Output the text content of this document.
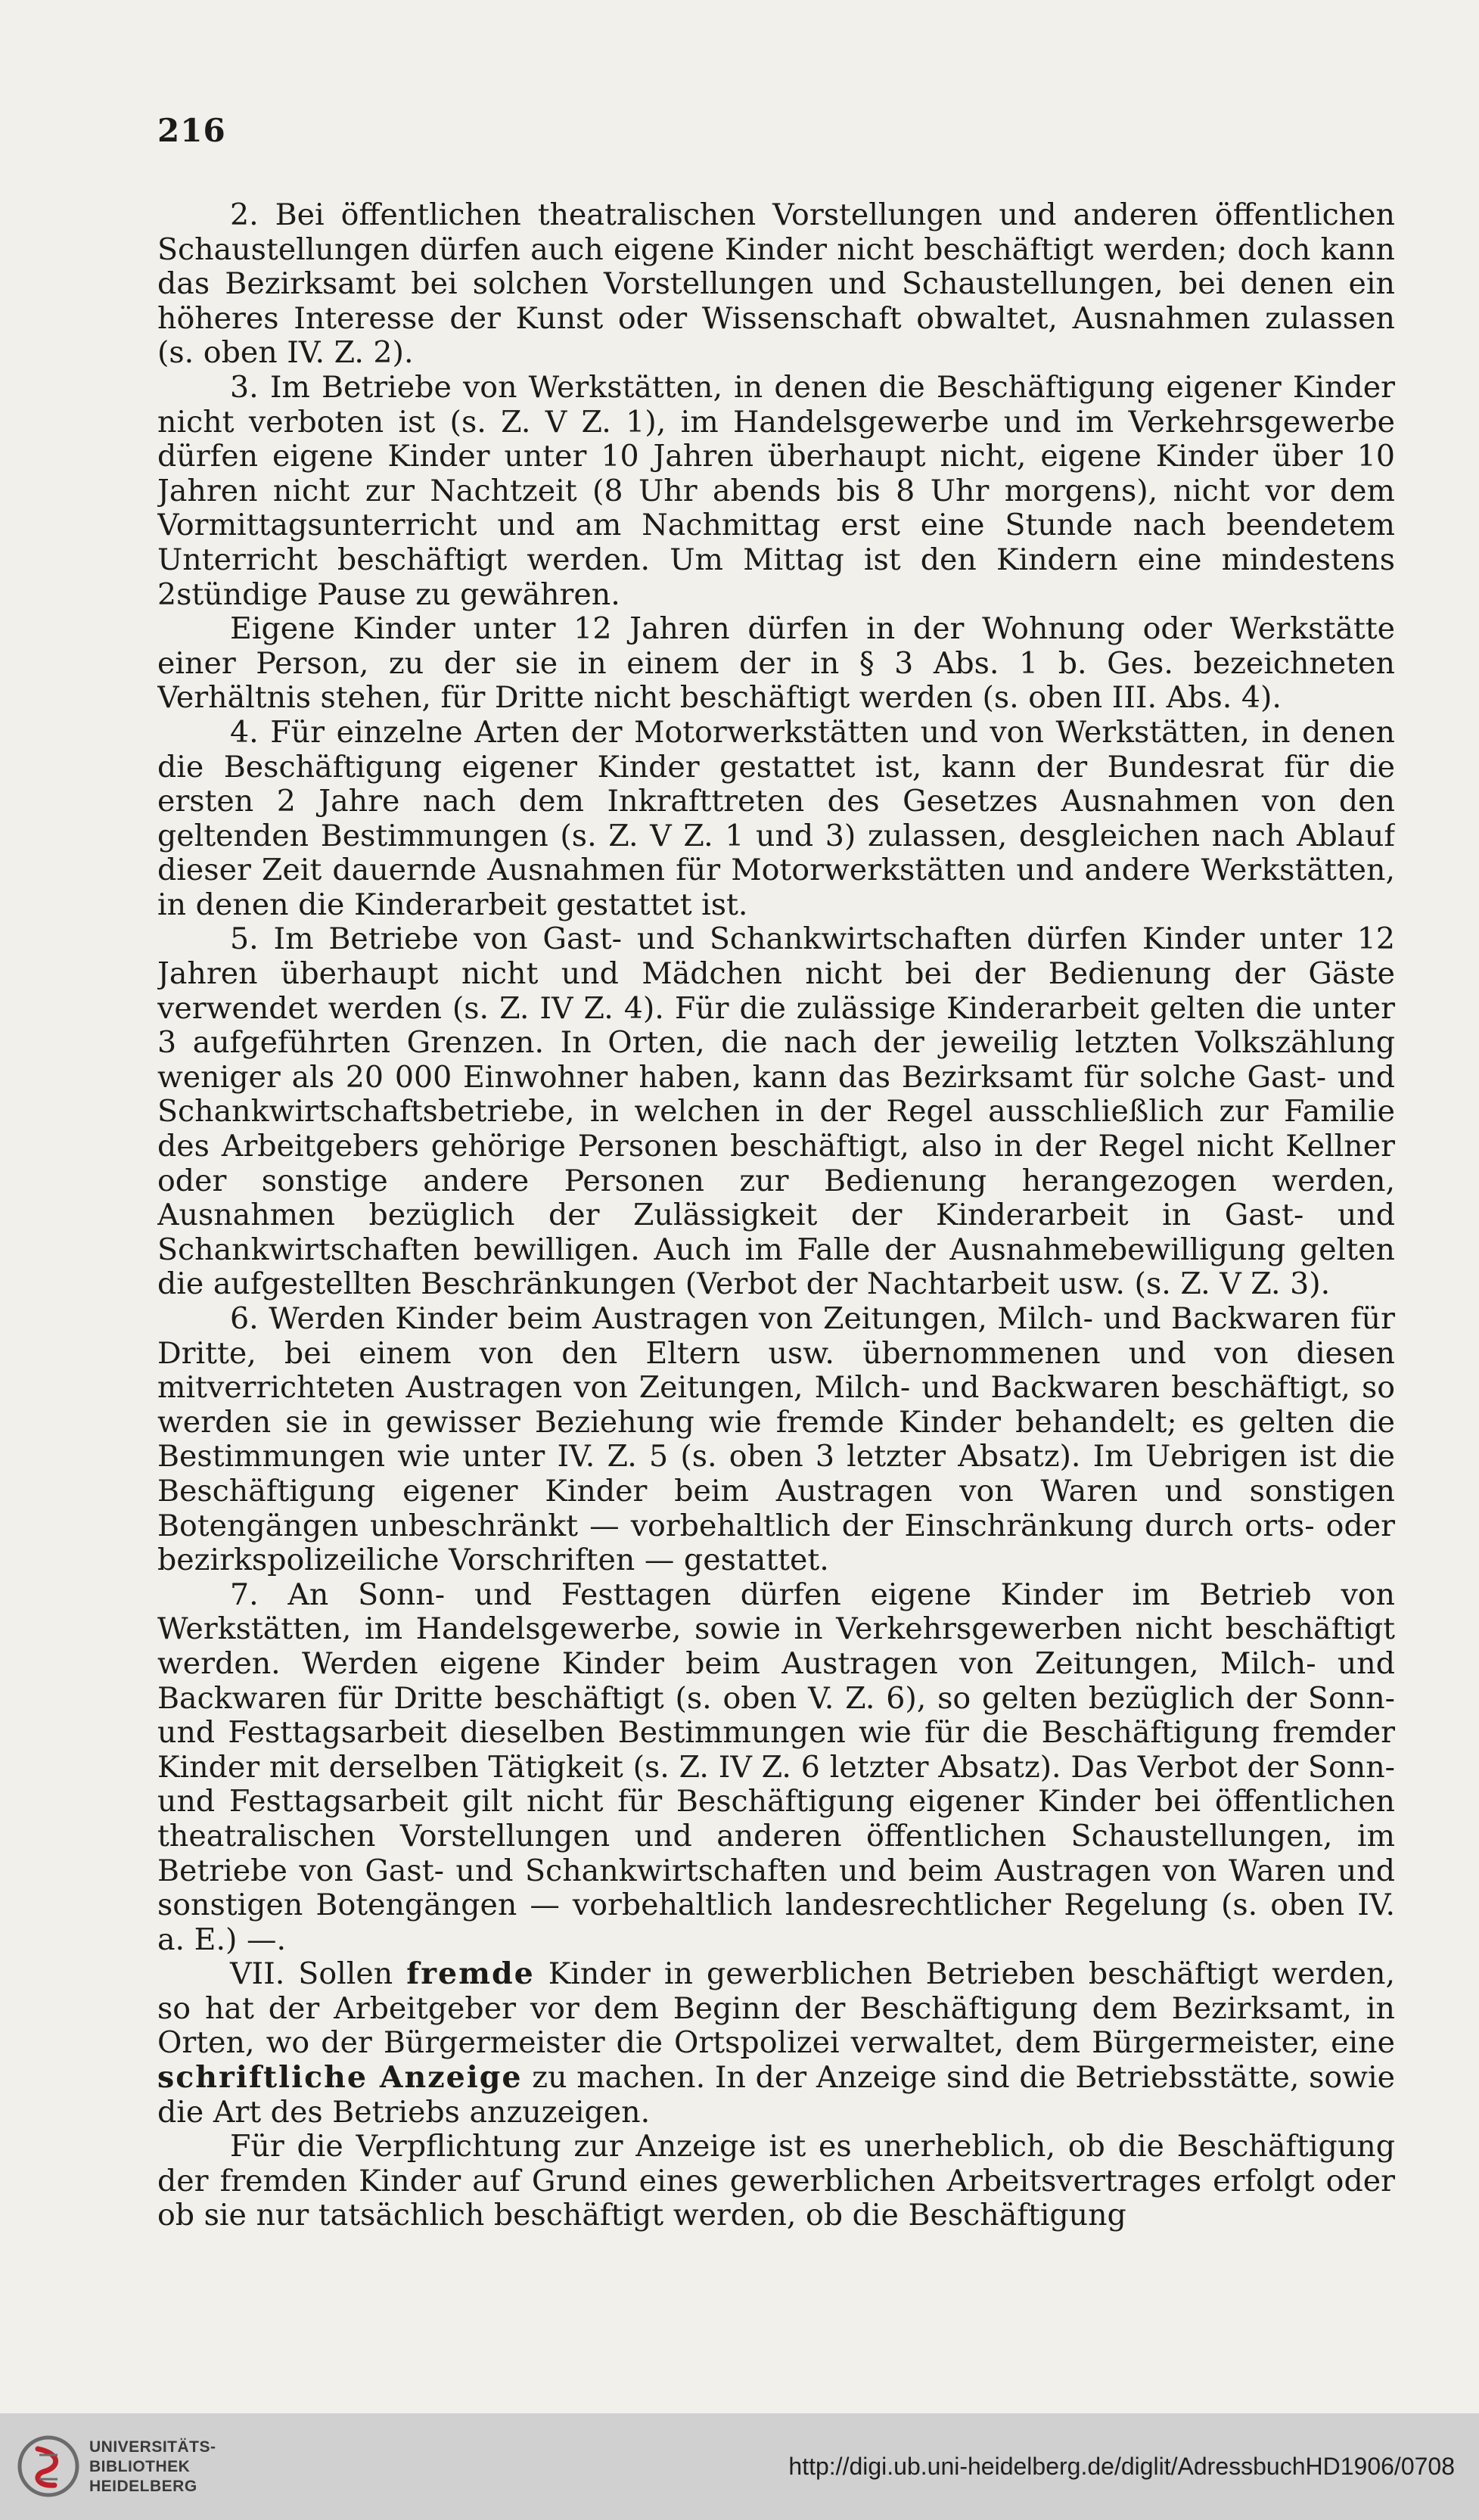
216

2. Bei öffentlichen theatralischen Vorstellungen und anderen öffentlichen Schaustellungen dürfen auch eigene Kinder nicht beschäftigt werden; doch kann das Bezirksamt bei solchen Vorstellungen und Schaustellungen, bei denen ein höheres Interesse der Kunst oder Wissenschaft obwaltet, Ausnahmen zulassen (s. oben IV. Z. 2).

3. Im Betriebe von Werkstätten, in denen die Beschäftigung eigener Kinder nicht verboten ist (s. Z. V Z. 1), im Handelsgewerbe und im Verkehrsgewerbe dürfen eigene Kinder unter 10 Jahren überhaupt nicht, eigene Kinder über 10 Jahren nicht zur Nachtzeit (8 Uhr abends bis 8 Uhr morgens), nicht vor dem Vormittagsunterricht und am Nachmittag erst eine Stunde nach beendetem Unterricht beschäftigt werden. Um Mittag ist den Kindern eine mindestens 2stündige Pause zu gewähren.

Eigene Kinder unter 12 Jahren dürfen in der Wohnung oder Werkstätte einer Person, zu der sie in einem der in § 3 Abs. 1 b. Ges. bezeichneten Verhältnis stehen, für Dritte nicht beschäftigt werden (s. oben III. Abs. 4).

4. Für einzelne Arten der Motorwerkstätten und von Werkstätten, in denen die Beschäftigung eigener Kinder gestattet ist, kann der Bundesrat für die ersten 2 Jahre nach dem Inkrafttreten des Gesetzes Ausnahmen von den geltenden Bestimmungen (s. Z. V Z. 1 und 3) zulassen, desgleichen nach Ablauf dieser Zeit dauernde Ausnahmen für Motorwerkstätten und andere Werkstätten, in denen die Kinderarbeit gestattet ist.

5. Im Betriebe von Gast- und Schankwirtschaften dürfen Kinder unter 12 Jahren überhaupt nicht und Mädchen nicht bei der Bedienung der Gäste verwendet werden (s. Z. IV Z. 4). Für die zulässige Kinderarbeit gelten die unter 3 aufgeführten Grenzen. In Orten, die nach der jeweilig letzten Volkszählung weniger als 20 000 Einwohner haben, kann das Bezirksamt für solche Gast- und Schankwirtschaftsbetriebe, in welchen in der Regel ausschließlich zur Familie des Arbeitgebers gehörige Personen beschäftigt, also in der Regel nicht Kellner oder sonstige andere Personen zur Bedienung herangezogen werden, Ausnahmen bezüglich der Zulässigkeit der Kinderarbeit in Gast- und Schankwirtschaften bewilligen. Auch im Falle der Ausnahmebewilligung gelten die aufgestellten Beschränkungen (Verbot der Nachtarbeit usw. (s. Z. V Z. 3).

6. Werden Kinder beim Austragen von Zeitungen, Milch- und Backwaren für Dritte, bei einem von den Eltern usw. übernommenen und von diesen mitverrichteten Austragen von Zeitungen, Milch- und Backwaren beschäftigt, so werden sie in gewisser Beziehung wie fremde Kinder behandelt; es gelten die Bestimmungen wie unter IV. Z. 5 (s. oben 3 letzter Absatz). Im Uebrigen ist die Beschäftigung eigener Kinder beim Austragen von Waren und sonstigen Botengängen unbeschränkt — vorbehaltlich der Einschränkung durch orts- oder bezirkspolizeiliche Vorschriften — gestattet.

7. An Sonn- und Festtagen dürfen eigene Kinder im Betrieb von Werkstätten, im Handelsgewerbe, sowie in Verkehrsgewerben nicht beschäftigt werden. Werden eigene Kinder beim Austragen von Zeitungen, Milch- und Backwaren für Dritte beschäftigt (s. oben V. Z. 6), so gelten bezüglich der Sonn- und Festtagsarbeit dieselben Bestimmungen wie für die Beschäftigung fremder Kinder mit derselben Tätigkeit (s. Z. IV Z. 6 letzter Absatz). Das Verbot der Sonn- und Festtagsarbeit gilt nicht für Beschäftigung eigener Kinder bei öffentlichen theatralischen Vorstellungen und anderen öffentlichen Schaustellungen, im Betriebe von Gast- und Schankwirtschaften und beim Austragen von Waren und sonstigen Botengängen — vorbehaltlich landesrechtlicher Regelung (s. oben IV. a. E.) —.

VII. Sollen fremde Kinder in gewerblichen Betrieben beschäftigt werden, so hat der Arbeitgeber vor dem Beginn der Beschäftigung dem Bezirksamt, in Orten, wo der Bürgermeister die Ortspolizei verwaltet, dem Bürgermeister, eine schriftliche Anzeige zu machen. In der Anzeige sind die Betriebsstätte, sowie die Art des Betriebs anzuzeigen.

Für die Verpflichtung zur Anzeige ist es unerheblich, ob die Beschäftigung der fremden Kinder auf Grund eines gewerblichen Arbeitsvertrages erfolgt oder ob sie nur tatsächlich beschäftigt werden, ob die Beschäftigung

UNIVERSITÄTS-
BIBLIOTHEK
HEIDELBERG
http://digi.ub.uni-heidelberg.de/diglit/AdressbuchHD1906/0708
